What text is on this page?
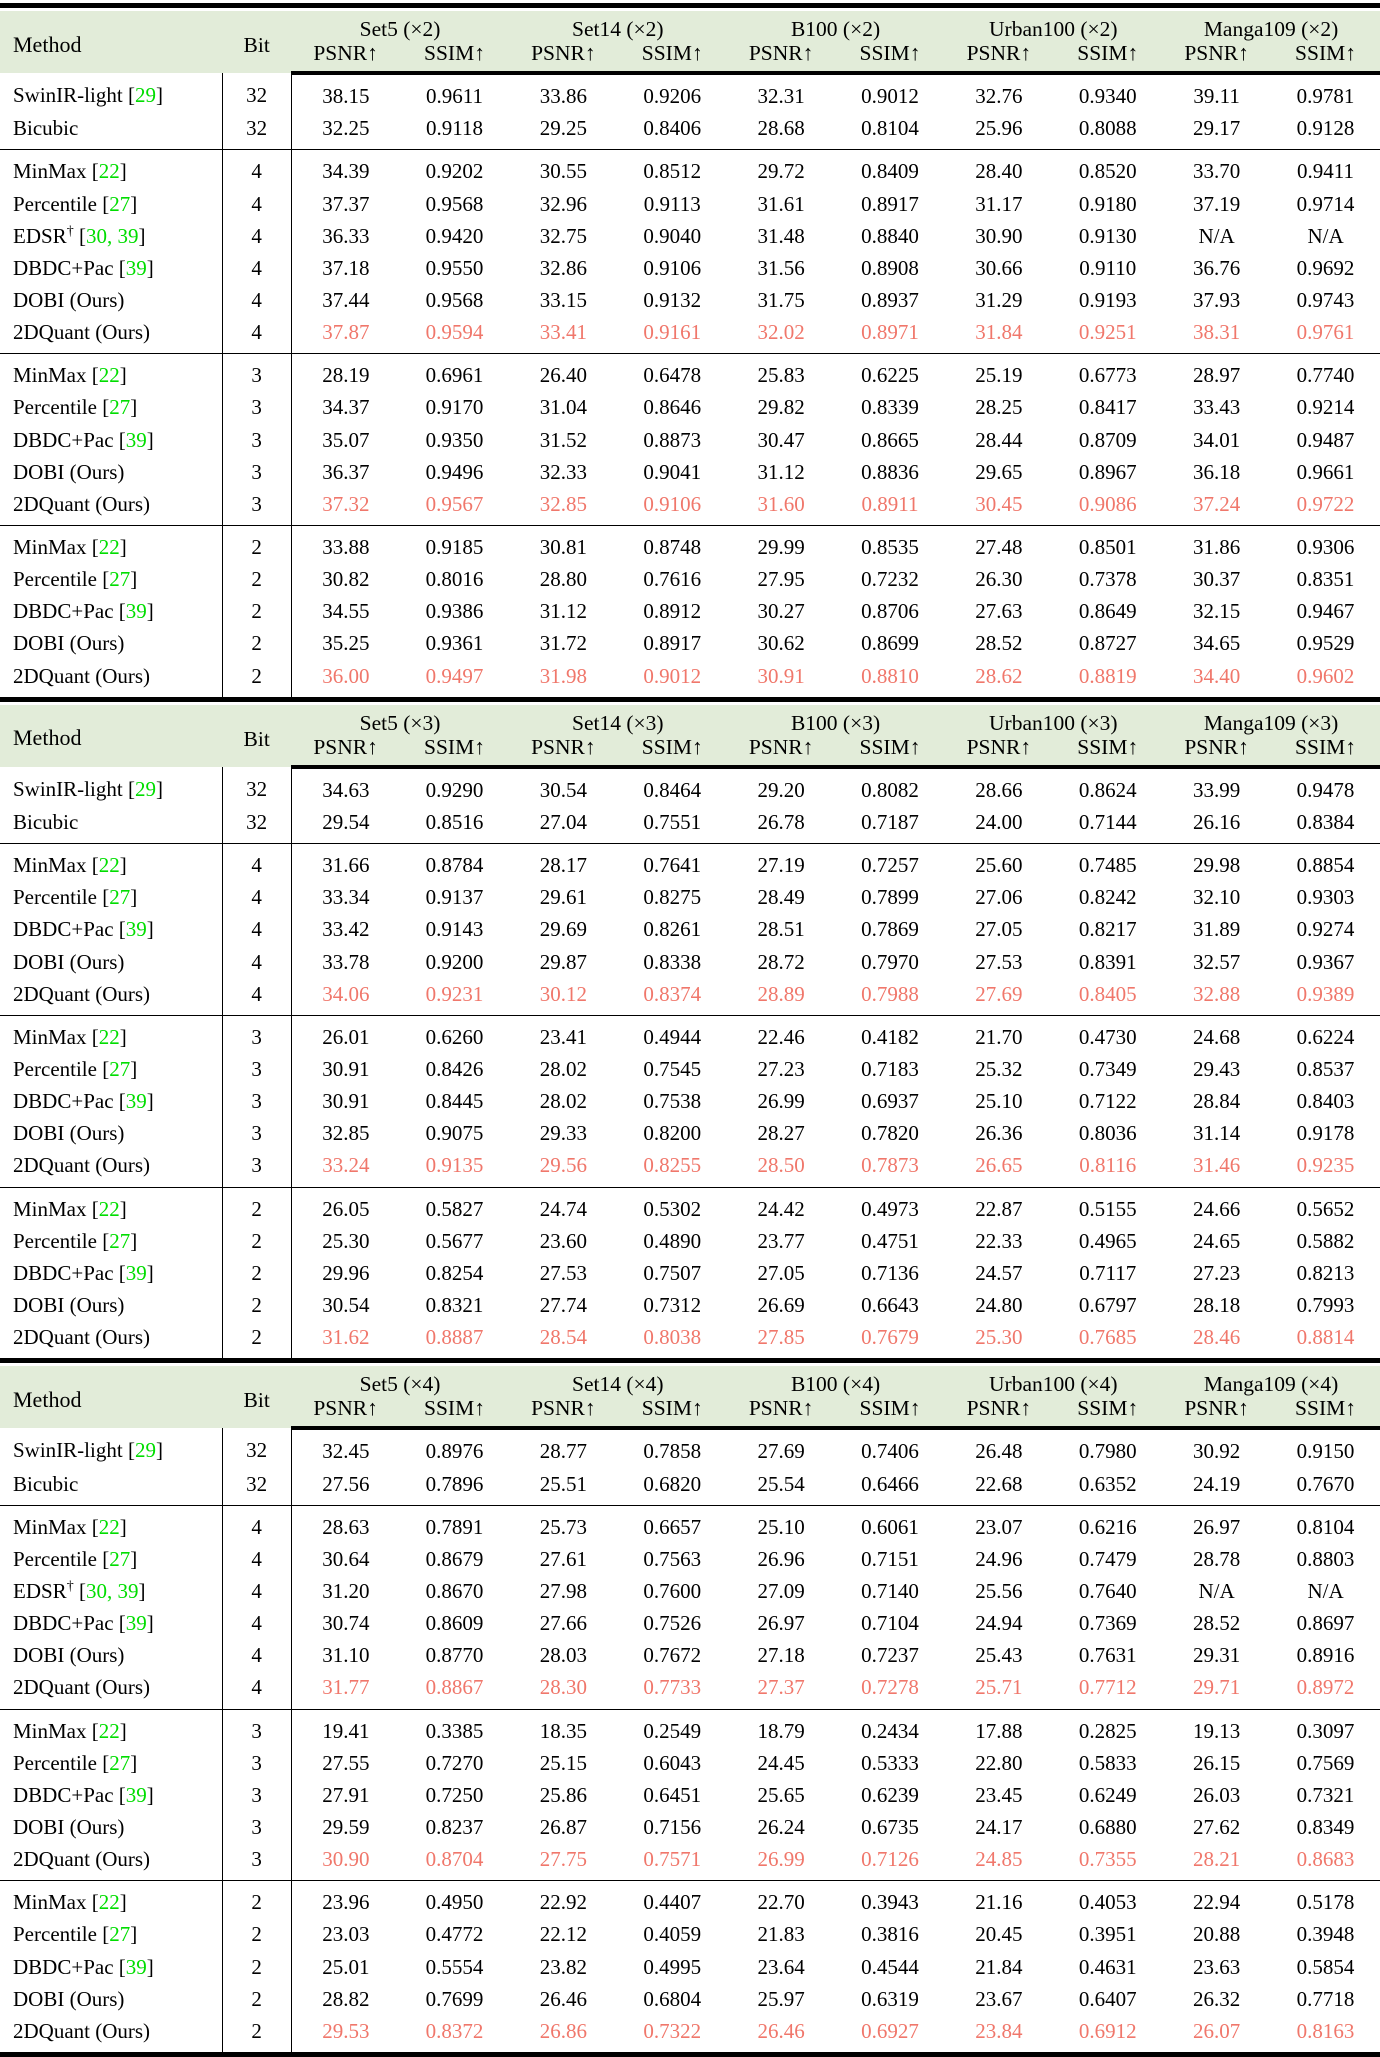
Method	Bit	Set5 (×2)		Set14 (×2)		B100 (×2)		Urban100 (×2)		Manga109 (×2)	
		PSNR↑	SSIM↑	PSNR↑	SSIM↑	PSNR↑	SSIM↑	PSNR↑	SSIM↑	PSNR↑	SSIM↑
SwinIR-light [29]	32	38.15	0.9611	33.86	0.9206	32.31	0.9012	32.76	0.9340	39.11	0.9781
Bicubic	32	32.25	0.9118	29.25	0.8406	28.68	0.8104	25.96	0.8088	29.17	0.9128
MinMax [22]	4	34.39	0.9202	30.55	0.8512	29.72	0.8409	28.40	0.8520	33.70	0.9411
Percentile [27]	4	37.37	0.9568	32.96	0.9113	31.61	0.8917	31.17	0.9180	37.19	0.9714
EDSR† [30, 39]	4	36.33	0.9420	32.75	0.9040	31.48	0.8840	30.90	0.9130	N/A	N/A
DBDC+Pac [39]	4	37.18	0.9550	32.86	0.9106	31.56	0.8908	30.66	0.9110	36.76	0.9692
DOBI (Ours)	4	37.44	0.9568	33.15	0.9132	31.75	0.8937	31.29	0.9193	37.93	0.9743
2DQuant (Ours)	4	37.87	0.9594	33.41	0.9161	32.02	0.8971	31.84	0.9251	38.31	0.9761
MinMax [22]	3	28.19	0.6961	26.40	0.6478	25.83	0.6225	25.19	0.6773	28.97	0.7740
Percentile [27]	3	34.37	0.9170	31.04	0.8646	29.82	0.8339	28.25	0.8417	33.43	0.9214
DBDC+Pac [39]	3	35.07	0.9350	31.52	0.8873	30.47	0.8665	28.44	0.8709	34.01	0.9487
DOBI (Ours)	3	36.37	0.9496	32.33	0.9041	31.12	0.8836	29.65	0.8967	36.18	0.9661
2DQuant (Ours)	3	37.32	0.9567	32.85	0.9106	31.60	0.8911	30.45	0.9086	37.24	0.9722
MinMax [22]	2	33.88	0.9185	30.81	0.8748	29.99	0.8535	27.48	0.8501	31.86	0.9306
Percentile [27]	2	30.82	0.8016	28.80	0.7616	27.95	0.7232	26.30	0.7378	30.37	0.8351
DBDC+Pac [39]	2	34.55	0.9386	31.12	0.8912	30.27	0.8706	27.63	0.8649	32.15	0.9467
DOBI (Ours)	2	35.25	0.9361	31.72	0.8917	30.62	0.8699	28.52	0.8727	34.65	0.9529
2DQuant (Ours)	2	36.00	0.9497	31.98	0.9012	30.91	0.8810	28.62	0.8819	34.40	0.9602
Method	Bit	Set5 (×3)		Set14 (×3)		B100 (×3)		Urban100 (×3)		Manga109 (×3)	
		PSNR↑	SSIM↑	PSNR↑	SSIM↑	PSNR↑	SSIM↑	PSNR↑	SSIM↑	PSNR↑	SSIM↑
SwinIR-light [29]	32	34.63	0.9290	30.54	0.8464	29.20	0.8082	28.66	0.8624	33.99	0.9478
Bicubic	32	29.54	0.8516	27.04	0.7551	26.78	0.7187	24.00	0.7144	26.16	0.8384
MinMax [22]	4	31.66	0.8784	28.17	0.7641	27.19	0.7257	25.60	0.7485	29.98	0.8854
Percentile [27]	4	33.34	0.9137	29.61	0.8275	28.49	0.7899	27.06	0.8242	32.10	0.9303
DBDC+Pac [39]	4	33.42	0.9143	29.69	0.8261	28.51	0.7869	27.05	0.8217	31.89	0.9274
DOBI (Ours)	4	33.78	0.9200	29.87	0.8338	28.72	0.7970	27.53	0.8391	32.57	0.9367
2DQuant (Ours)	4	34.06	0.9231	30.12	0.8374	28.89	0.7988	27.69	0.8405	32.88	0.9389
MinMax [22]	3	26.01	0.6260	23.41	0.4944	22.46	0.4182	21.70	0.4730	24.68	0.6224
Percentile [27]	3	30.91	0.8426	28.02	0.7545	27.23	0.7183	25.32	0.7349	29.43	0.8537
DBDC+Pac [39]	3	30.91	0.8445	28.02	0.7538	26.99	0.6937	25.10	0.7122	28.84	0.8403
DOBI (Ours)	3	32.85	0.9075	29.33	0.8200	28.27	0.7820	26.36	0.8036	31.14	0.9178
2DQuant (Ours)	3	33.24	0.9135	29.56	0.8255	28.50	0.7873	26.65	0.8116	31.46	0.9235
MinMax [22]	2	26.05	0.5827	24.74	0.5302	24.42	0.4973	22.87	0.5155	24.66	0.5652
Percentile [27]	2	25.30	0.5677	23.60	0.4890	23.77	0.4751	22.33	0.4965	24.65	0.5882
DBDC+Pac [39]	2	29.96	0.8254	27.53	0.7507	27.05	0.7136	24.57	0.7117	27.23	0.8213
DOBI (Ours)	2	30.54	0.8321	27.74	0.7312	26.69	0.6643	24.80	0.6797	28.18	0.7993
2DQuant (Ours)	2	31.62	0.8887	28.54	0.8038	27.85	0.7679	25.30	0.7685	28.46	0.8814
Method	Bit	Set5 (×4)		Set14 (×4)		B100 (×4)		Urban100 (×4)		Manga109 (×4)	
		PSNR↑	SSIM↑	PSNR↑	SSIM↑	PSNR↑	SSIM↑	PSNR↑	SSIM↑	PSNR↑	SSIM↑
SwinIR-light [29]	32	32.45	0.8976	28.77	0.7858	27.69	0.7406	26.48	0.7980	30.92	0.9150
Bicubic	32	27.56	0.7896	25.51	0.6820	25.54	0.6466	22.68	0.6352	24.19	0.7670
MinMax [22]	4	28.63	0.7891	25.73	0.6657	25.10	0.6061	23.07	0.6216	26.97	0.8104
Percentile [27]	4	30.64	0.8679	27.61	0.7563	26.96	0.7151	24.96	0.7479	28.78	0.8803
EDSR† [30, 39]	4	31.20	0.8670	27.98	0.7600	27.09	0.7140	25.56	0.7640	N/A	N/A
DBDC+Pac [39]	4	30.74	0.8609	27.66	0.7526	26.97	0.7104	24.94	0.7369	28.52	0.8697
DOBI (Ours)	4	31.10	0.8770	28.03	0.7672	27.18	0.7237	25.43	0.7631	29.31	0.8916
2DQuant (Ours)	4	31.77	0.8867	28.30	0.7733	27.37	0.7278	25.71	0.7712	29.71	0.8972
MinMax [22]	3	19.41	0.3385	18.35	0.2549	18.79	0.2434	17.88	0.2825	19.13	0.3097
Percentile [27]	3	27.55	0.7270	25.15	0.6043	24.45	0.5333	22.80	0.5833	26.15	0.7569
DBDC+Pac [39]	3	27.91	0.7250	25.86	0.6451	25.65	0.6239	23.45	0.6249	26.03	0.7321
DOBI (Ours)	3	29.59	0.8237	26.87	0.7156	26.24	0.6735	24.17	0.6880	27.62	0.8349
2DQuant (Ours)	3	30.90	0.8704	27.75	0.7571	26.99	0.7126	24.85	0.7355	28.21	0.8683
MinMax [22]	2	23.96	0.4950	22.92	0.4407	22.70	0.3943	21.16	0.4053	22.94	0.5178
Percentile [27]	2	23.03	0.4772	22.12	0.4059	21.83	0.3816	20.45	0.3951	20.88	0.3948
DBDC+Pac [39]	2	25.01	0.5554	23.82	0.4995	23.64	0.4544	21.84	0.4631	23.63	0.5854
DOBI (Ours)	2	28.82	0.7699	26.46	0.6804	25.97	0.6319	23.67	0.6407	26.32	0.7718
2DQuant (Ours)	2	29.53	0.8372	26.86	0.7322	26.46	0.6927	23.84	0.6912	26.07	0.8163
